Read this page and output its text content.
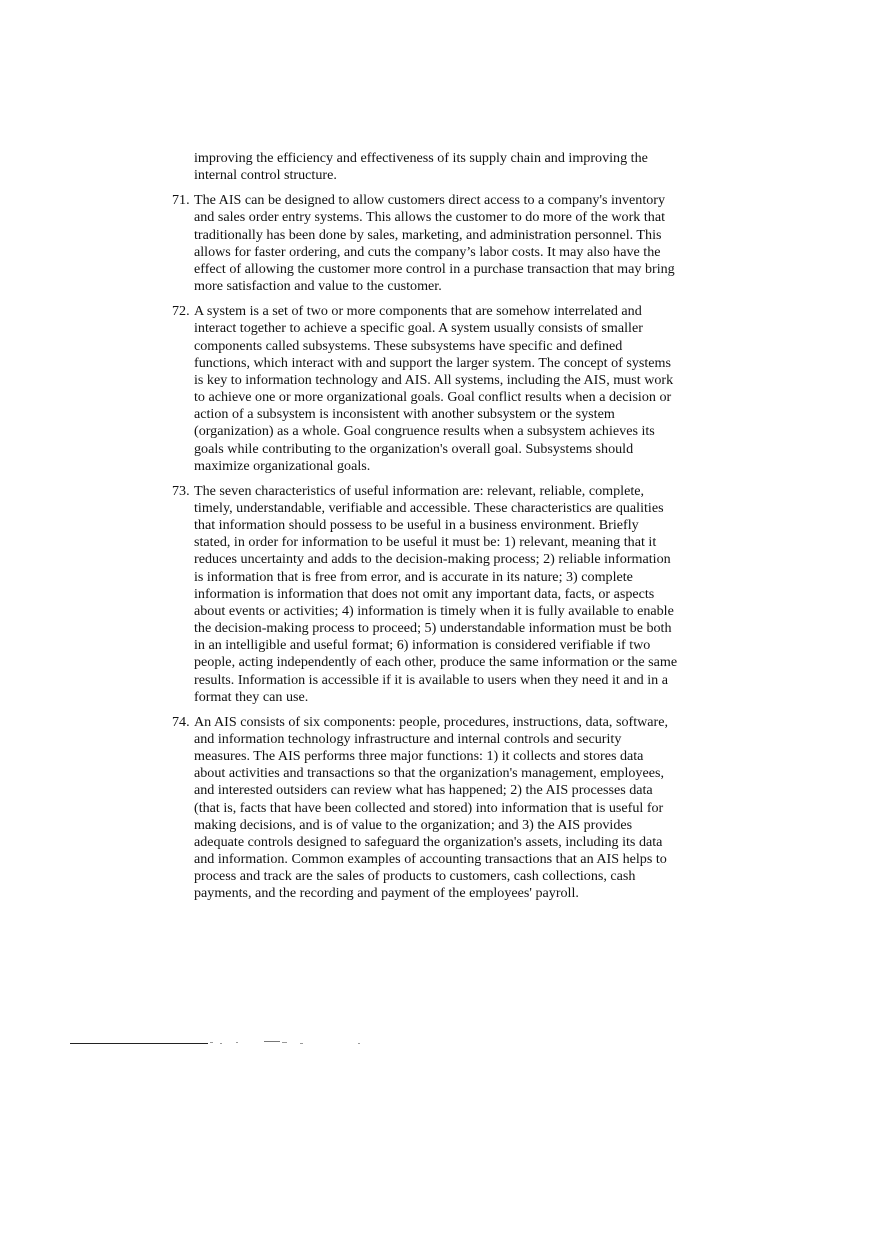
improving the efficiency and effectiveness of its supply chain and improving the
internal control structure.
71. The AIS can be designed to allow customers direct access to a company's inventory
and sales order entry systems. This allows the customer to do more of the work that
traditionally has been done by sales, marketing, and administration personnel. This
allows for faster ordering, and cuts the company’s labor costs. It may also have the
effect of allowing the customer more control in a purchase transaction that may bring
more satisfaction and value to the customer.
72. A system is a set of two or more components that are somehow interrelated and
interact together to achieve a specific goal. A system usually consists of smaller
components called subsystems. These subsystems have specific and defined
functions, which interact with and support the larger system. The concept of systems
is key to information technology and AIS. All systems, including the AIS, must work
to achieve one or more organizational goals. Goal conflict results when a decision or
action of a subsystem is inconsistent with another subsystem or the system
(organization) as a whole. Goal congruence results when a subsystem achieves its
goals while contributing to the organization's overall goal. Subsystems should
maximize organizational goals.
73. The seven characteristics of useful information are: relevant, reliable, complete,
timely, understandable, verifiable and accessible. These characteristics are qualities
that information should possess to be useful in a business environment. Briefly
stated, in order for information to be useful it must be: 1) relevant, meaning that it
reduces uncertainty and adds to the decision-making process; 2) reliable information
is information that is free from error, and is accurate in its nature; 3) complete
information is information that does not omit any important data, facts, or aspects
about events or activities; 4) information is timely when it is fully available to enable
the decision-making process to proceed; 5) understandable information must be both
in an intelligible and useful format; 6) information is considered verifiable if two
people, acting independently of each other, produce the same information or the same
results. Information is accessible if it is available to users when they need it and in a
format they can use.
74. An AIS consists of six components: people, procedures, instructions, data, software,
and information technology infrastructure and internal controls and security
measures. The AIS performs three major functions: 1) it collects and stores data
about activities and transactions so that the organization's management, employees,
and interested outsiders can review what has happened; 2) the AIS processes data
(that is, facts that have been collected and stored) into information that is useful for
making decisions, and is of value to the organization; and 3) the AIS provides
adequate controls designed to safeguard the organization's assets, including its data
and information. Common examples of accounting transactions that an AIS helps to
process and track are the sales of products to customers, cash collections, cash
payments, and the recording and payment of the employees' payroll.
